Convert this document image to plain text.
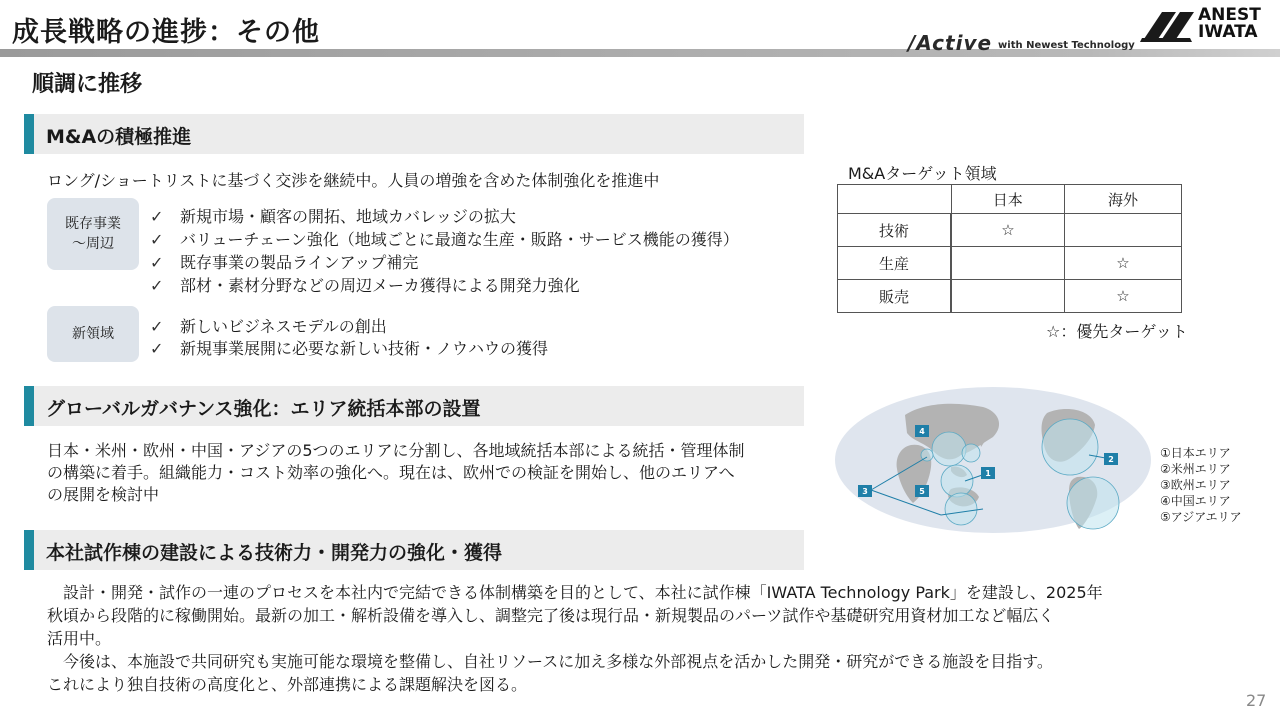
成長戦略の進捗：その他	/Active with Newest Technology
ANEST
IWATA
順調に推移
M&Aの積極推進
ロング/ショートリストに基づく交渉を継続中。人員の増強を含めた体制強化を推進中
既存事業
～周辺
✓ 新規市場・顧客の開拓、地域カバレッジの拡大
✓ バリューチェーン強化（地域ごとに最適な生産・販路・サービス機能の獲得）
✓ 既存事業の製品ラインアップ補完
✓ 部材・素材分野などの周辺メーカ獲得による開発力強化
新領域 ✓ 新しいビジネスモデルの創出
✓ 新規事業展開に必要な新しい技術・ノウハウの獲得
M&Aターゲット領域
	日本	海外
技術	☆	
生産		☆
販売		☆
☆：優先ターゲット
グローバルガバナンス強化：エリア統括本部の設置
日本・米州・欧州・中国・アジアの5つのエリアに分割し、各地域統括本部による統括・管理体制
の構築に着手。組織能力・コスト効率の強化へ。現在は、欧州での検証を開始し、他のエリアへ
の展開を検討中
1
2
3
4
5
①日本エリア
②米州エリア
③欧州エリア
④中国エリア
⑤アジアエリア
本社試作棟の建設による技術力・開発力の強化・獲得
　設計・開発・試作の一連のプロセスを本社内で完結できる体制構築を目的として、本社に試作棟「IWATA Technology Park」を建設し、2025年
秋頃から段階的に稼働開始。最新の加工・解析設備を導入し、調整完了後は現行品・新規製品のパーツ試作や基礎研究用資材加工など幅広く
活用中。
　今後は、本施設で共同研究も実施可能な環境を整備し、自社リソースに加え多様な外部視点を活かした開発・研究ができる施設を目指す。
これにより独自技術の高度化と、外部連携による課題解決を図る。
27
